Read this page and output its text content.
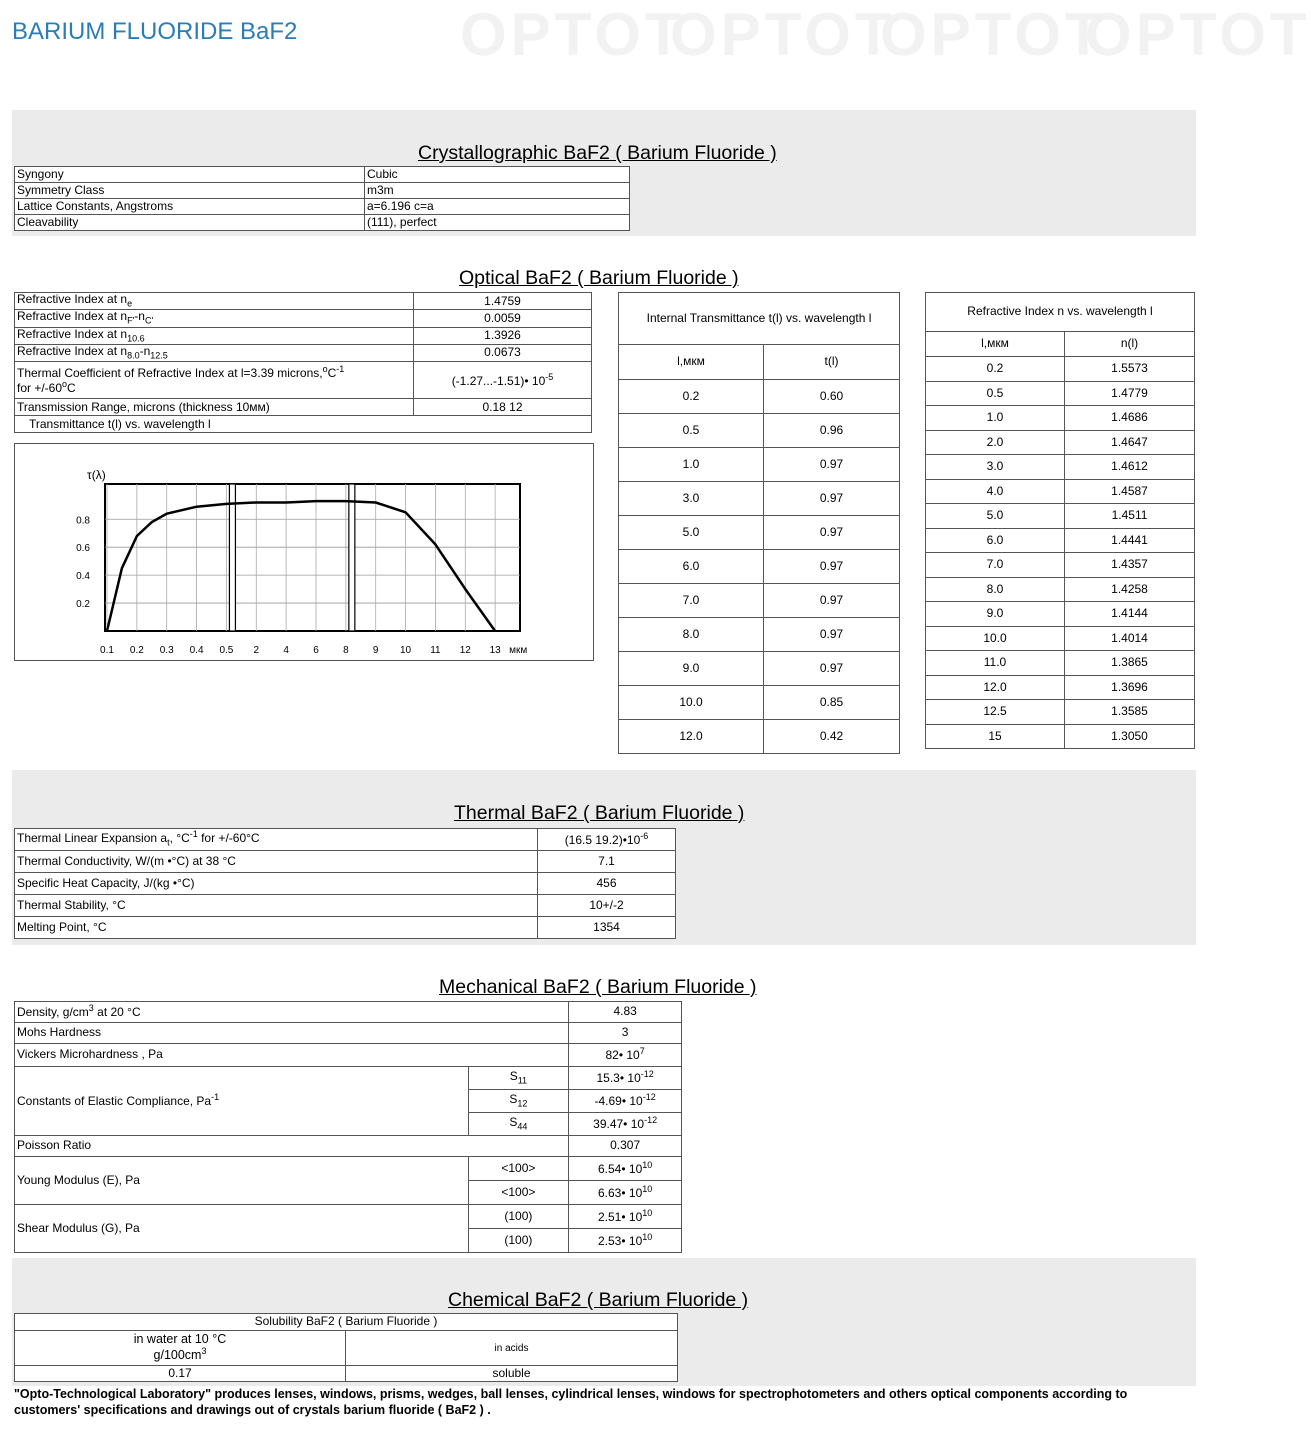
OPTOT
OPTOT
OPTOT
OPTOT
BARIUM FLUORIDE BaF2
Crystallographic BaF2 ( Barium Fluoride )
Syngony	Cubic
Symmetry Class	m3m
Lattice Constants, Angstroms	a=6.196 c=a
Cleavability	(111), perfect
Optical BaF2 ( Barium Fluoride )
Refractive Index at $n_e$	1.4759
Refractive Index at $n_{F'}-n_{C'}$	0.0059
Refractive Index at $n_{10.6}$	1.3926
Refractive Index at $n_{8.0}-n_{12.5}$	0.0673
Thermal Coefficient of Refractive Index at l=3.39 $microns,^oC^{-1}$
for $+/-60^oC$	(-1.27...-1.51)• $10^{-5}$
Transmission Range, microns (thickness 10мм)	0.18 12
Transmittance t(l) vs. wavelength l	
0.8
0.6
0.4
0.2
0.1 0.2 0.3 0.4 0.5 2 4 6 8 9 10 11 12 13 мкм
τ(λ)
Internal Transmittance t(l) vs. wavelength l	
l,мкм	t(l)
0.2	0.60
0.5	0.96
1.0	0.97
3.0	0.97
5.0	0.97
6.0	0.97
7.0	0.97
8.0	0.97
9.0	0.97
10.0	0.85
12.0	0.42
Refractive Index n vs. wavelength l	
l,мкм	n(l)
0.2	1.5573
0.5	1.4779
1.0	1.4686
2.0	1.4647
3.0	1.4612
4.0	1.4587
5.0	1.4511
6.0	1.4441
7.0	1.4357
8.0	1.4258
9.0	1.4144
10.0	1.4014
11.0	1.3865
12.0	1.3696
12.5	1.3585
15	1.3050
Thermal BaF2 ( Barium Fluoride )
Thermal Linear Expansion $a_t$, $^\circ C^{-1}$ for +/-60°C	(16.5 $19.2)•10^{-6}$
Thermal Conductivity, W/(m •°C) at 38 °C	7.1
Specific Heat Capacity, J/(kg •°C)	456
Thermal Stability, °C	10+/-2
Melting Point, °C	1354
Mechanical BaF2 ( Barium Fluoride )
Density, $g/cm^3$ at 20 °C		4.83
Mohs Hardness		3
Vickers Microhardness , Pa		82• $10^7$
Constants of Elastic Compliance, $Pa^{-1}$	$S_{11}$	15.3• $10^{-12}$
	$S_{12}$	-4.69• $10^{-12}$
	$S_{44}$	39.47• $10^{-12}$
Poisson Ratio		0.307
Young Modulus (E), Pa	<100>	6.54• $10^{10}$
	<100>	6.63• $10^{10}$
Shear Modulus (G), Pa	(100)	2.51• $10^{10}$
	(100)	2.53• $10^{10}$
Chemical BaF2 ( Barium Fluoride )
Solubility BaF2 ( Barium Fluoride )	
in water at 10 °C
$g/100cm^3$	in acids
0.17	soluble
"Opto-Technological Laboratory" produces lenses, windows, prisms, wedges, ball lenses, cylindrical lenses, windows for spectrophotometers and others optical components according to customers' specifications and drawings out of crystals barium fluoride ( BaF2 ) .
